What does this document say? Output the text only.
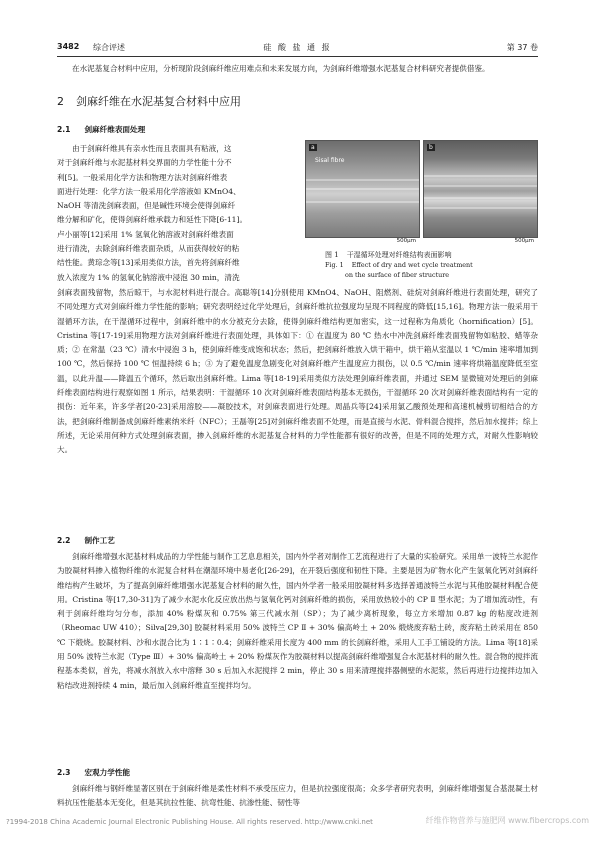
3482 综合评述	硅 酸 盐 通 报	第 37 卷

在水泥基复合材料中应用，分析现阶段剑麻纤维应用难点和未来发展方向，为剑麻纤维增强水泥基复合材料研究者提供借鉴。

2 剑麻纤维在水泥基复合材料中应用
2.1 剑麻纤维表面处理
由于剑麻纤维具有亲水性而且表面具有粘液，这
对于剑麻纤维与水泥基材料交界面的力学性能十分不
利[5]。一般采用化学方法和物理方法对剑麻纤维表
面进行处理：化学方法一般采用化学溶液如 KMnO4、
NaOH 等清洗剑麻表面，但是碱性环境会使得剑麻纤
维分解和矿化，使得剑麻纤维承载力和延性下降[6-11]。
卢小丽等[12]采用 1% 氢氧化钠溶液对剑麻纤维表面
进行清洗，去除剑麻纤维表面杂质，从而获得较好的粘
结性能。黄琮念等[13]采用类似方法，首先将剑麻纤维
放入浓度为 1% 的氢氧化钠溶液中浸泡 30 min，清洗
a
Sisal fibre
b
500μm	500μm
图 1 干湿循环处理对纤维结构表面影响
Fig. 1 Effect of dry and wet cycle treatment
on the surface of fiber structure

剑麻表面残留物，然后晾干，与水泥材料进行混合。高聪等[14]分别使用 KMnO4、NaOH、阻燃剂、硅烷对剑麻纤维进行表面处理，研究了不同处理方式对剑麻纤维力学性能的影响；研究表明经过化学处理后，剑麻纤维抗拉强度均呈现不同程度的降低[15,16]。物理方法一般采用干湿循环方法，在干湿循环过程中，剑麻纤维中的水分被充分去除，使得剑麻纤维结构更加密实，这一过程称为角质化（hornification）[5]。Cristina 等[17-19]采用物理方法对剑麻纤维进行表面处理，具体如下：① 在温度为 80 ℃ 热水中冲洗剑麻纤维表面残留物如粘胶、蜡等杂质；② 在常温（23 ℃）清水中浸泡 3 h，使剑麻纤维变成饱和状态；然后，把剑麻纤维放入烘干箱中，烘干箱从室温以 1 ℃/min 速率增加到 100 ℃，然后保持 100 ℃ 恒温持续 6 h；③ 为了避免温度急剧变化对剑麻纤维产生温度应力损伤，以 0.5 ℃/min 速率将烘箱温度降低至室温，以此升温——降温五个循环，然后取出剑麻纤维。Lima 等[18-19]采用类似方法处理剑麻纤维表面，并通过 SEM 显微镜对处理后的剑麻纤维表面结构进行观察如图 1 所示，结果表明：干湿循环 10 次对剑麻纤维表面结构基本无损伤，干湿循环 20 次对剑麻纤维表面结构有一定的损伤：近年来，许多学者[20-23]采用溶胶——凝胶技术，对剑麻表面进行处理。周晶兵等[24]采用氯乙酸预处理和高速机械剪切相结合的方法，把剑麻纤维制备成剑麻纤维素纳米纤（NFC）；王磊等[25]对剑麻纤维表面不处理，而是直接与水泥、骨料混合搅拌，然后加水搅拌；综上所述，无论采用何种方式处理剑麻表面，掺入剑麻纤维的水泥基复合材料的力学性能都有很好的改善，但是不同的处理方式，对耐久性影响较大。

2.2 制作工艺

剑麻纤维增强水泥基材料成品的力学性能与制作工艺息息相关，国内外学者对制作工艺流程进行了大量的实验研究。采用单一波特兰水泥作为胶凝材料掺入植物纤维的水泥复合材料在潮湿环境中易老化[26-29]，在开裂后强度和韧性下降。主要是因为矿物水化产生氢氧化钙对剑麻纤维结构产生破坏，为了提高剑麻纤维增强水泥基复合材料的耐久性，国内外学者一般采用胶凝材料多选择普通波特兰水泥与其他胶凝材料配合使用。Cristina 等[17,30-31]为了减少水泥水化反应放出热与氢氧化钙对剑麻纤维的损伤，采用放热较小的 CP Ⅱ 型水泥；为了增加流动性，有利于剑麻纤维均匀分布，添加 40% 粉煤灰和 0.75% 第三代减水剂（SP）；为了减少离析现象，每立方米增加 0.87 kg 的粘度改进剂（Rheomac UW 410）；Silva[29,30] 胶凝材料采用 50% 波特兰 CP Ⅱ + 30% 偏高岭土 + 20% 煅烧废弃粘土砖，废弃粘土砖采用在 850 ℃ 下煅烧。胶凝材料、沙和水混合比为 1∶1∶0.4；剑麻纤维采用长度为 400 mm 的长剑麻纤维，采用人工手工铺设的方法。Lima 等[18]采用 50% 波特兰水泥（Type Ⅲ）+ 30% 偏高岭土 + 20% 粉煤灰作为胶凝材料以提高剑麻纤维增强复合水泥基材料的耐久性。混合物的搅拌流程基本类似，首先，将减水剂放入水中溶释 30 s 后加入水泥搅拌 2 min，停止 30 s 用来清理搅拌器侧壁的水泥浆，然后再进行边搅拌边加入粘结改进剂持续 4 min，最后加入剑麻纤维直至搅拌均匀。

2.3 宏观力学性能

剑麻纤维与钢纤维显著区别在于剑麻纤维是柔性材料不承受压应力，但是抗拉强度很高；众多学者研究表明，剑麻纤维增强复合基混凝土材料抗压性能基本无变化，但是其抗拉性能、抗弯性能、抗渗性能、韧性等

?1994-2018 China Academic Journal Electronic Publishing House. All rights reserved. http://www.cnki.net	纤维作物营养与施肥网 www.fibercrops.com
